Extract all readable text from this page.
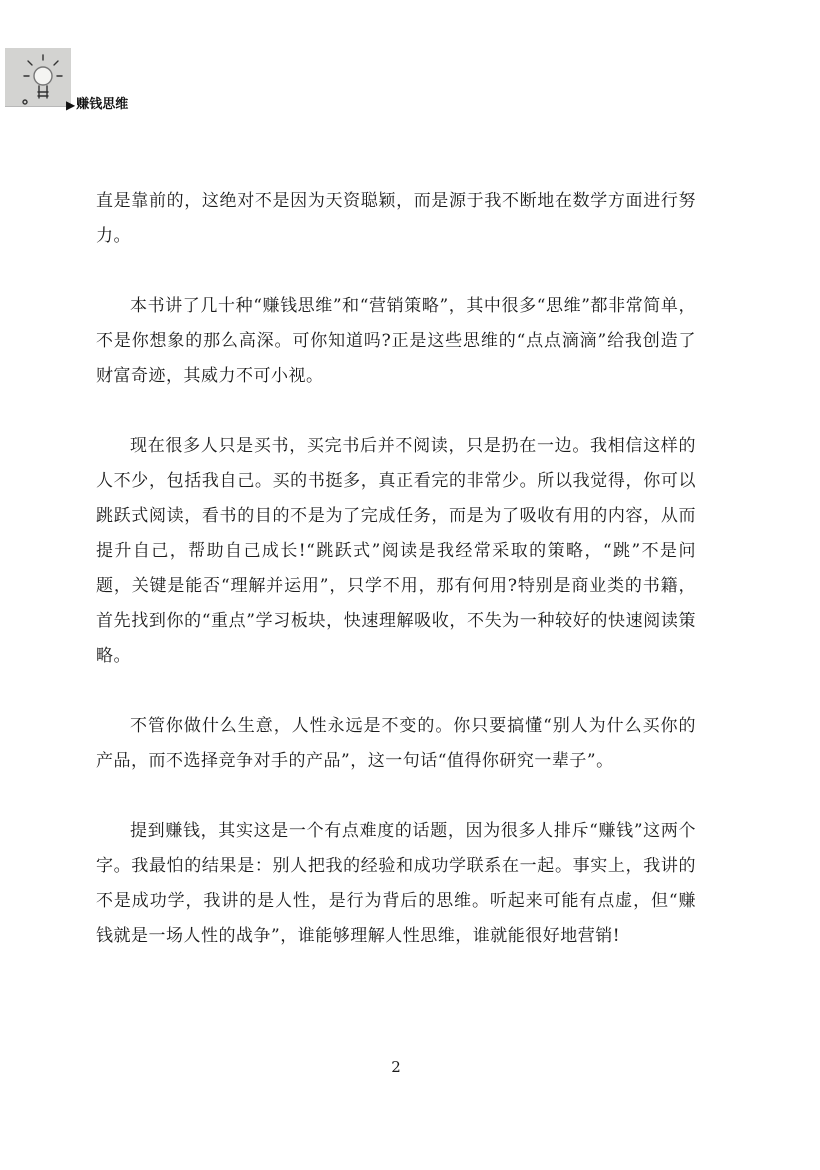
▶ 赚钱思维

直是靠前的，这绝对不是因为天资聪颖，而是源于我不断地在数学方面进行努力。

本书讲了几十种“赚钱思维”和“营销策略”，其中很多“思维”都非常简单，不是你想象的那么高深。可你知道吗?正是这些思维的“点点滴滴”给我创造了财富奇迹，其威力不可小视。

现在很多人只是买书，买完书后并不阅读，只是扔在一边。我相信这样的人不少，包括我自己。买的书挺多，真正看完的非常少。所以我觉得，你可以跳跃式阅读，看书的目的不是为了完成任务，而是为了吸收有用的内容，从而提升自己，帮助自己成长!“跳跃式”阅读是我经常采取的策略，“跳”不是问题，关键是能否“理解并运用”，只学不用，那有何用?特别是商业类的书籍，首先找到你的“重点”学习板块，快速理解吸收，不失为一种较好的快速阅读策略。

不管你做什么生意，人性永远是不变的。你只要搞懂“别人为什么买你的产品，而不选择竞争对手的产品”，这一句话“值得你研究一辈子”。

提到赚钱，其实这是一个有点难度的话题，因为很多人排斥“赚钱”这两个字。我最怕的结果是：别人把我的经验和成功学联系在一起。事实上，我讲的不是成功学，我讲的是人性，是行为背后的思维。听起来可能有点虚，但“赚钱就是一场人性的战争”，谁能够理解人性思维，谁就能很好地营销!

2
